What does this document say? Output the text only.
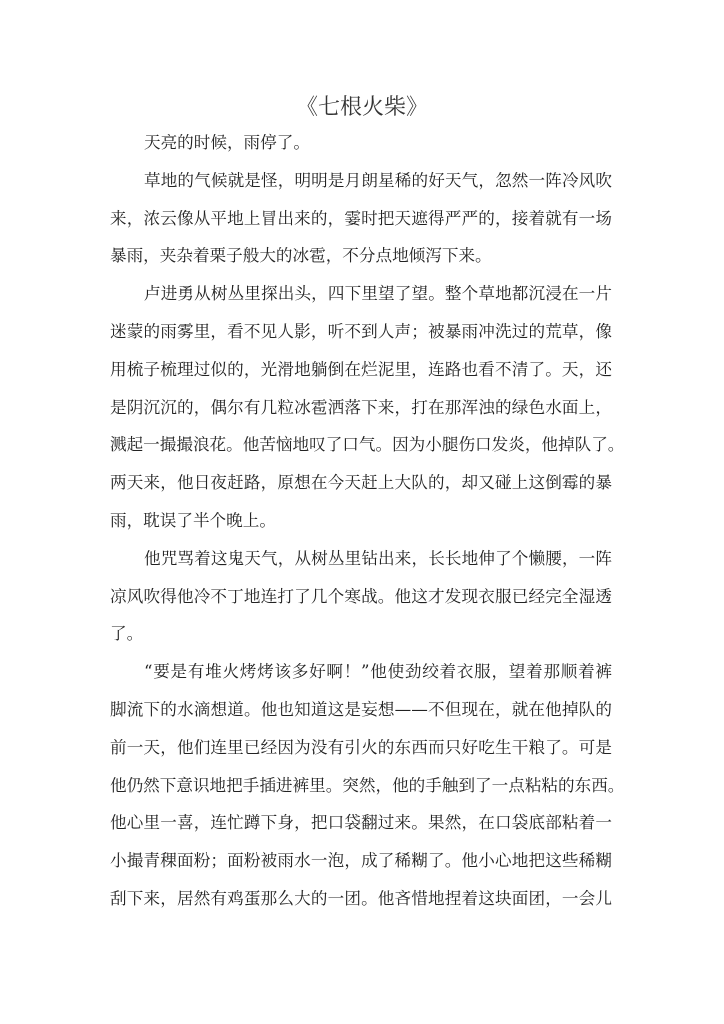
《七根火柴》
天亮的时候，雨停了。
草地的气候就是怪，明明是月朗星稀的好天气，忽然一阵冷风吹
来，浓云像从平地上冒出来的，霎时把天遮得严严的，接着就有一场
暴雨，夹杂着栗子般大的冰雹，不分点地倾泻下来。
卢进勇从树丛里探出头，四下里望了望。整个草地都沉浸在一片
迷蒙的雨雾里，看不见人影，听不到人声；被暴雨冲洗过的荒草，像
用梳子梳理过似的，光滑地躺倒在烂泥里，连路也看不清了。天，还
是阴沉沉的，偶尔有几粒冰雹洒落下来，打在那浑浊的绿色水面上，
溅起一撮撮浪花。他苦恼地叹了口气。因为小腿伤口发炎，他掉队了。
两天来，他日夜赶路，原想在今天赶上大队的，却又碰上这倒霉的暴
雨，耽误了半个晚上。
他咒骂着这鬼天气，从树丛里钻出来，长长地伸了个懒腰，一阵
凉风吹得他冷不丁地连打了几个寒战。他这才发现衣服已经完全湿透
了。
“要是有堆火烤烤该多好啊！”他使劲绞着衣服，望着那顺着裤
脚流下的水滴想道。他也知道这是妄想——不但现在，就在他掉队的
前一天，他们连里已经因为没有引火的东西而只好吃生干粮了。可是
他仍然下意识地把手插进裤里。突然，他的手触到了一点粘粘的东西。
他心里一喜，连忙蹲下身，把口袋翻过来。果然，在口袋底部粘着一
小撮青稞面粉；面粉被雨水一泡，成了稀糊了。他小心地把这些稀糊
刮下来，居然有鸡蛋那么大的一团。他吝惜地捏着这块面团，一会儿
